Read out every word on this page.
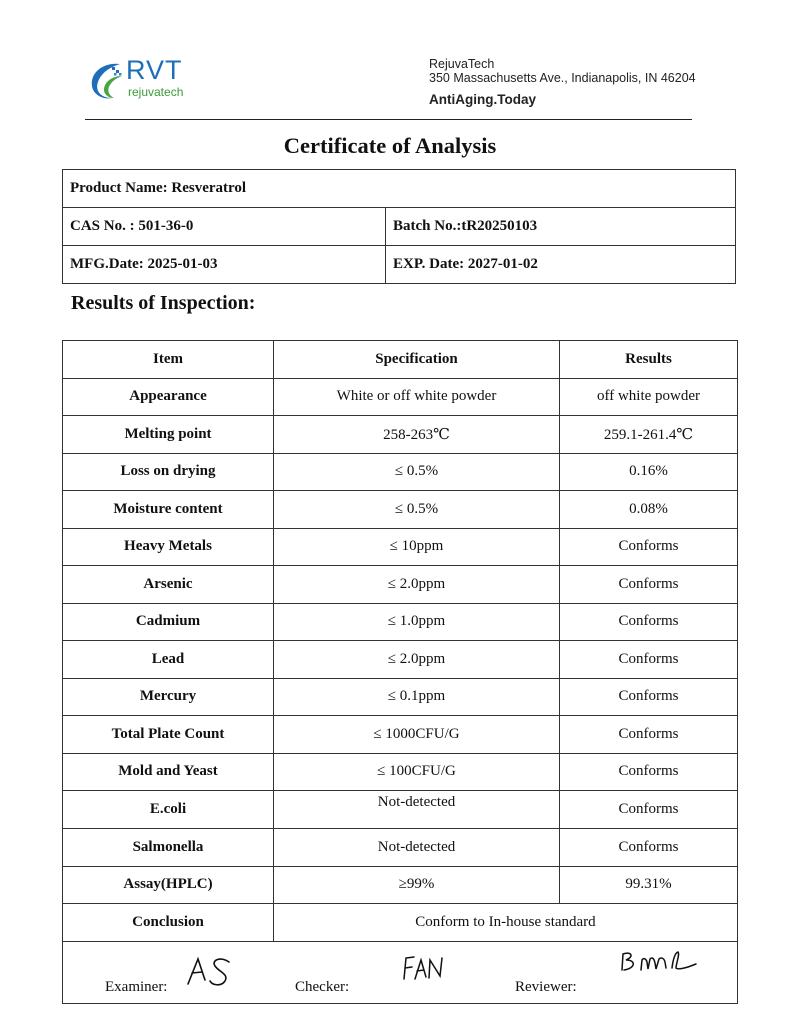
RVT
rejuvatech
RejuvaTech
350 Massachusetts Ave., Indianapolis, IN 46204
AntiAging.Today
Certificate of Analysis
Product Name: Resveratrol	
CAS No. : 501-36-0	Batch No.:tR20250103
MFG.Date: 2025-01-03	EXP. Date: 2027-01-02
Results of Inspection:
Item	Specification	Results
Appearance	White or off white powder	off white powder
Melting point	258-263℃	259.1-261.4℃
Loss on drying	≤ 0.5%	0.16%
Moisture content	≤ 0.5%	0.08%
Heavy Metals	≤ 10ppm	Conforms
Arsenic	≤ 2.0ppm	Conforms
Cadmium	≤ 1.0ppm	Conforms
Lead	≤ 2.0ppm	Conforms
Mercury	≤ 0.1ppm	Conforms
Total Plate Count	≤ 1000CFU/G	Conforms
Mold and Yeast	≤ 100CFU/G	Conforms
E.coli	Not-detected	Conforms
Salmonella	Not-detected	Conforms
Assay(HPLC)	≥99%	99.31%
Conclusion	Conform to In-house standard	

Examiner: Checker: Reviewer:		
